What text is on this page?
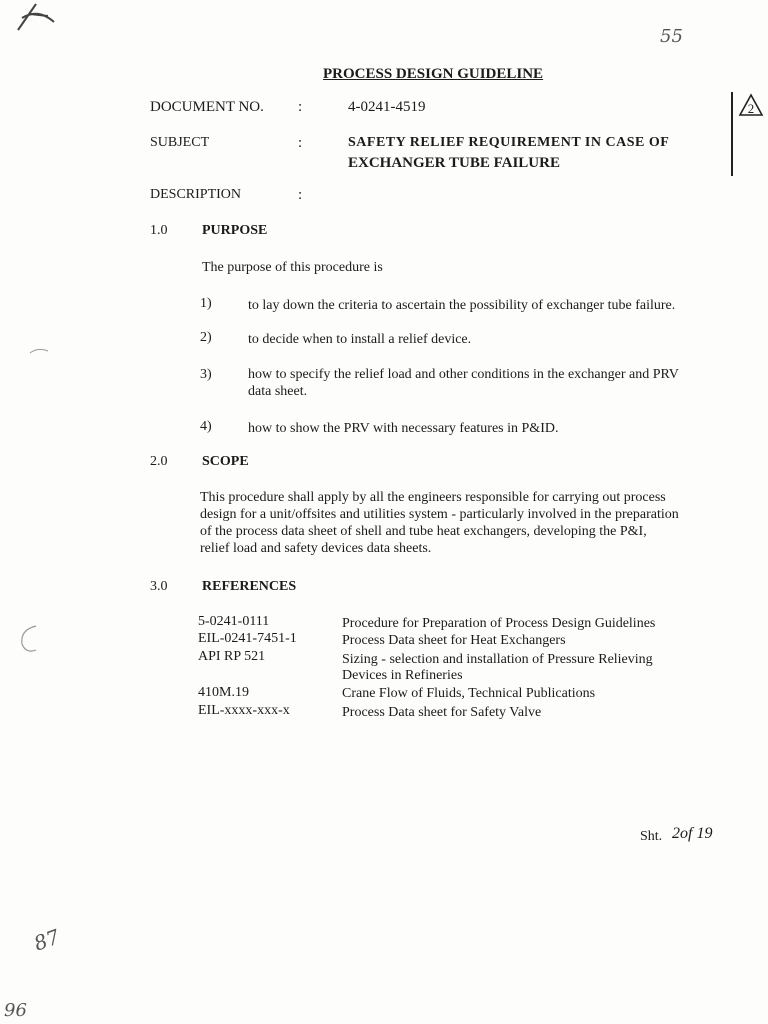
55
PROCESS DESIGN GUIDELINE
2
DOCUMENT NO. :	4-0241-4519
SUBJECT	:	SAFETY RELIEF REQUIREMENT IN CASE OF
EXCHANGER TUBE FAILURE
DESCRIPTION	:
1.0 PURPOSE
The purpose of this procedure is
1)	to lay down the criteria to ascertain the possibility of exchanger tube failure.
2)	to decide when to install a relief device.
3)	how to specify the relief load and other conditions in the exchanger and PRV
data sheet.
4)	how to show the PRV with necessary features in P&ID.
2.0 SCOPE
This procedure shall apply by all the engineers responsible for carrying out process
design for a unit/offsites and utilities system - particularly involved in the preparation
of the process data sheet of shell and tube heat exchangers, developing the P&I,
relief load and safety devices data sheets.
3.0 REFERENCES
5-0241-0111	Procedure for Preparation of Process Design Guidelines
EIL-0241-7451-1	Process Data sheet for Heat Exchangers
API RP 521	Sizing - selection and installation of Pressure Relieving
Devices in Refineries
410M.19	Crane Flow of Fluids, Technical Publications
EIL-xxxx-xxx-x	Process Data sheet for Safety Valve
Sht. 2of 19
87
96
